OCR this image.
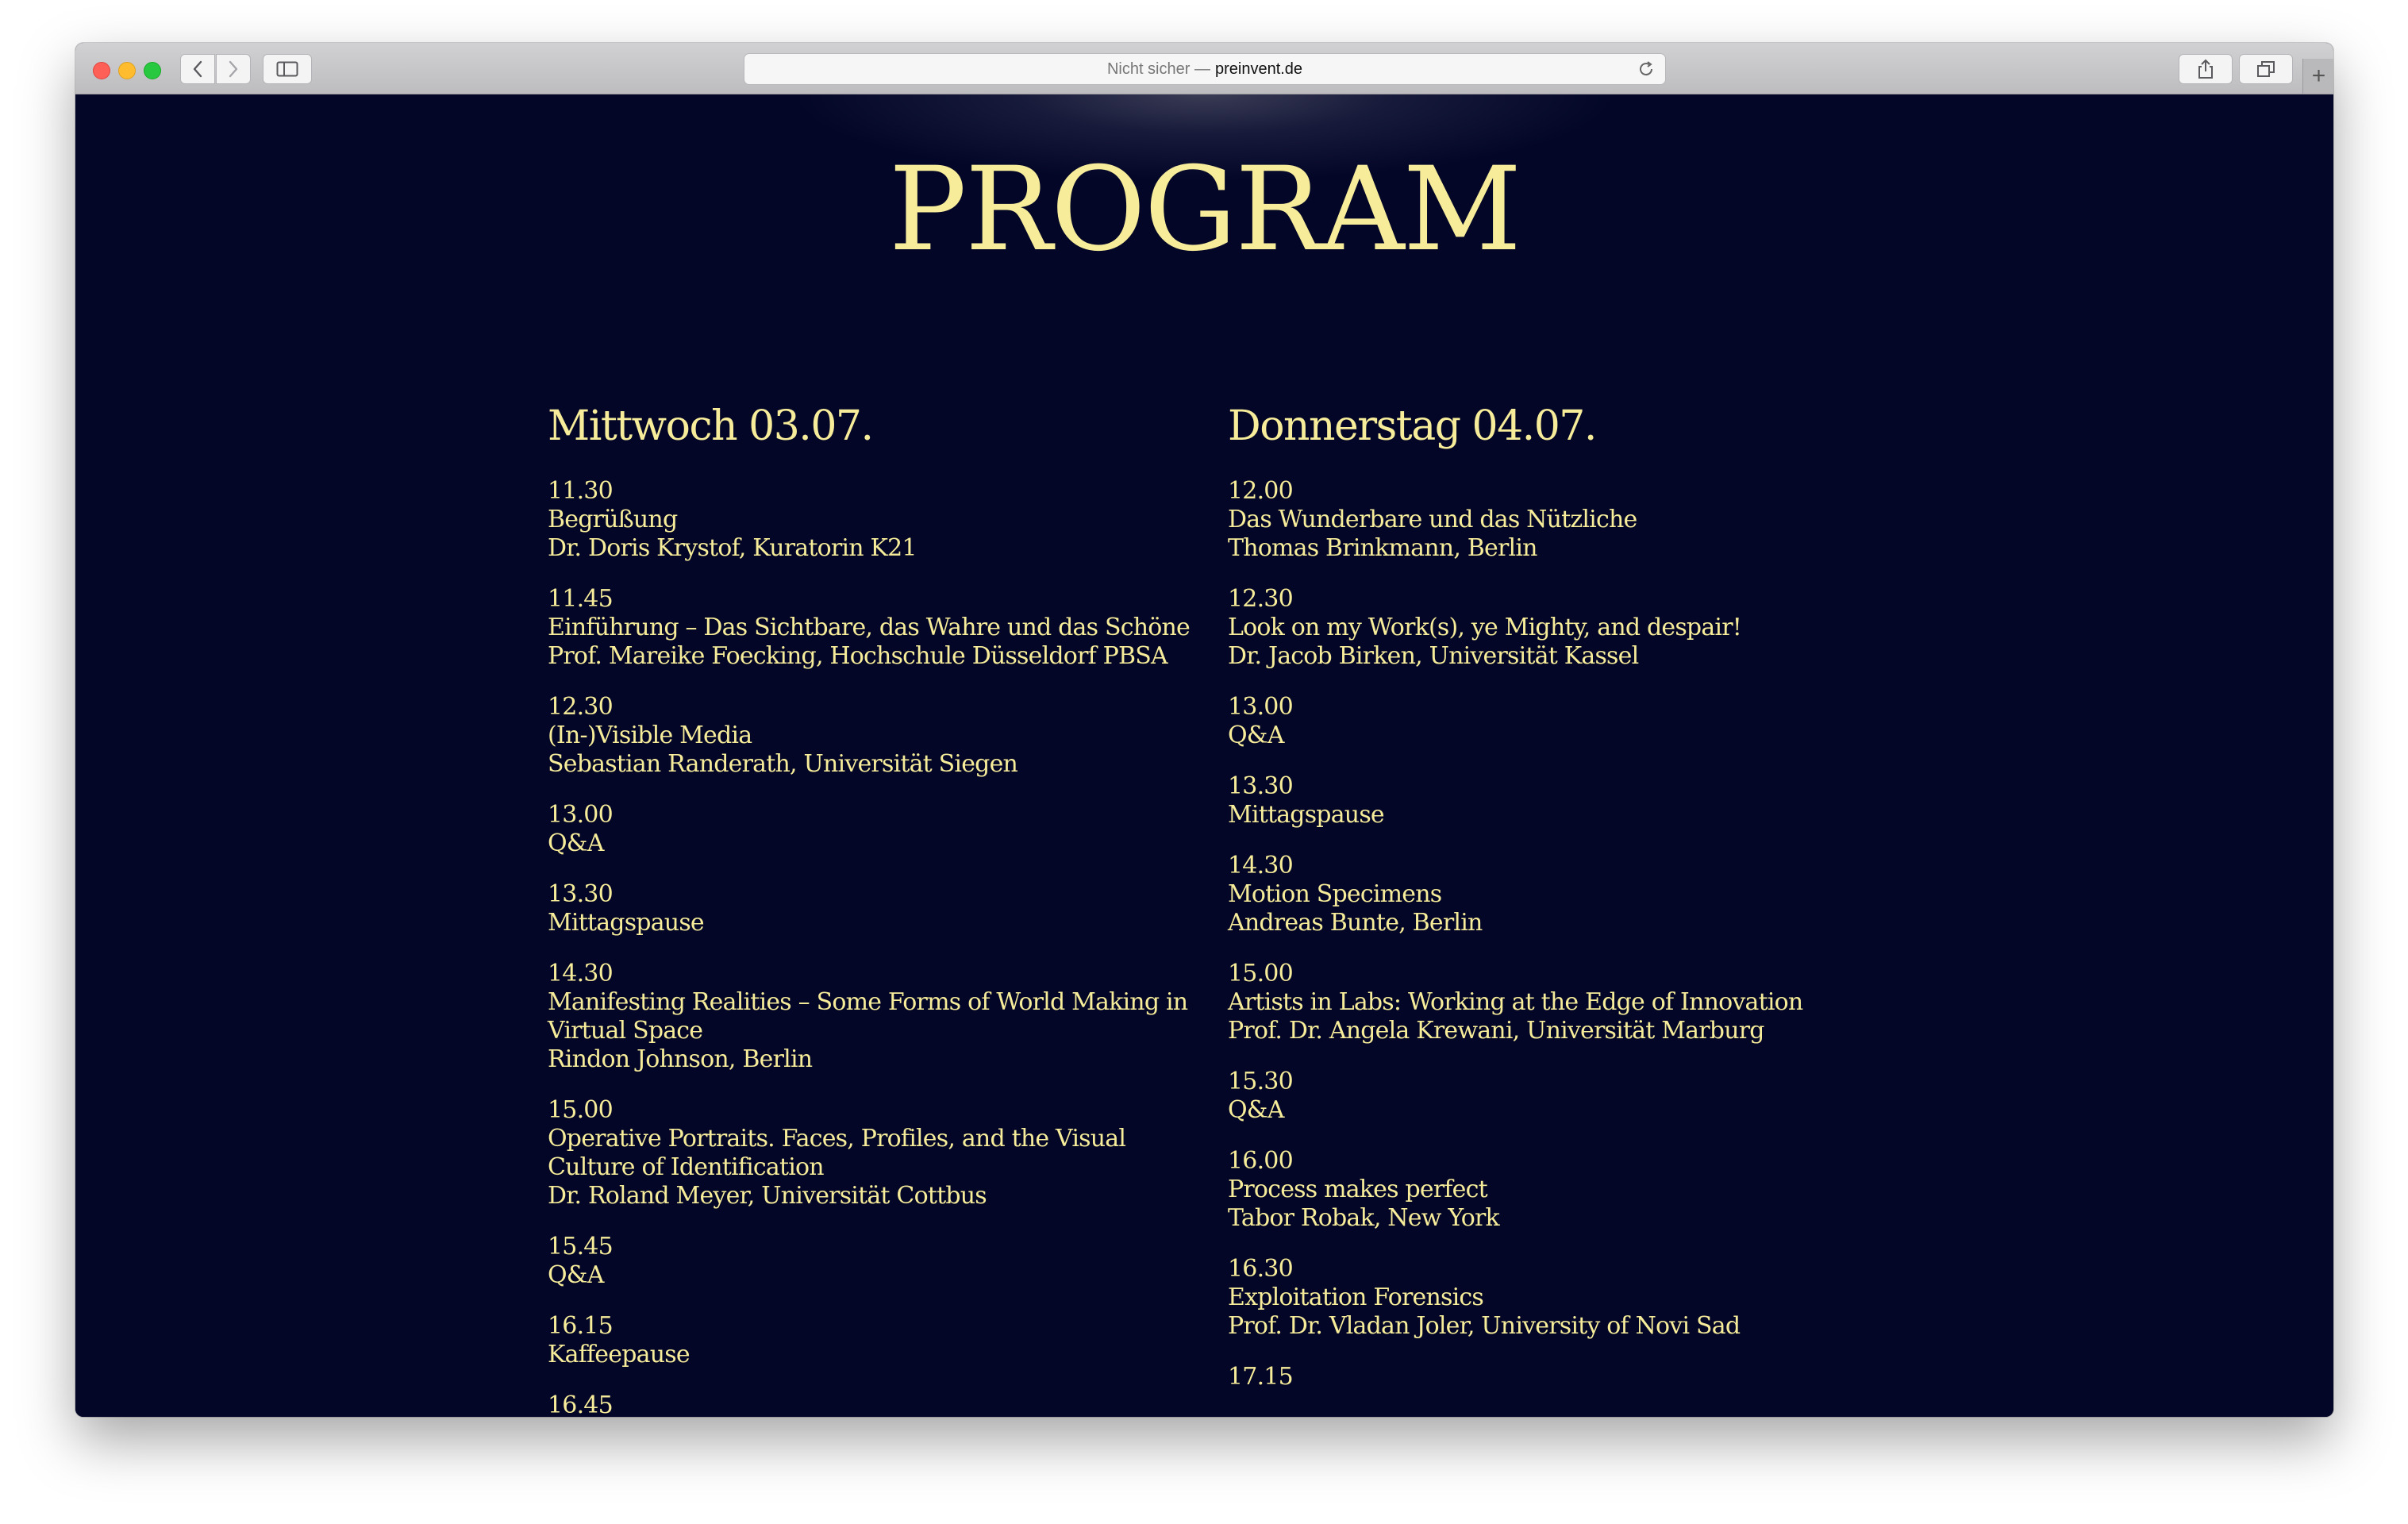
Nicht sicher — preinvent.de	+
PROGRAM
Mittwoch 03.07.
11.30
Begrüßung
Dr. Doris Krystof, Kuratorin K21
11.45
Einführung – Das Sichtbare, das Wahre und das Schöne
Prof. Mareike Foecking, Hochschule Düsseldorf PBSA
12.30
(In-)Visible Media
Sebastian Randerath, Universität Siegen
13.00
Q&A
13.30
Mittagspause
14.30
Manifesting Realities – Some Forms of World Making in Virtual Space
Rindon Johnson, Berlin
15.00
Operative Portraits. Faces, Profiles, and the Visual Culture of Identification
Dr. Roland Meyer, Universität Cottbus
15.45
Q&A
16.15
Kaffeepause
16.45
Donnerstag 04.07.
12.00
Das Wunderbare und das Nützliche
Thomas Brinkmann, Berlin
12.30
Look on my Work(s), ye Mighty, and despair!
Dr. Jacob Birken, Universität Kassel
13.00
Q&A
13.30
Mittagspause
14.30
Motion Specimens
Andreas Bunte, Berlin
15.00
Artists in Labs: Working at the Edge of Innovation
Prof. Dr. Angela Krewani, Universität Marburg
15.30
Q&A
16.00
Process makes perfect
Tabor Robak, New York
16.30
Exploitation Forensics
Prof. Dr. Vladan Joler, University of Novi Sad
17.15
